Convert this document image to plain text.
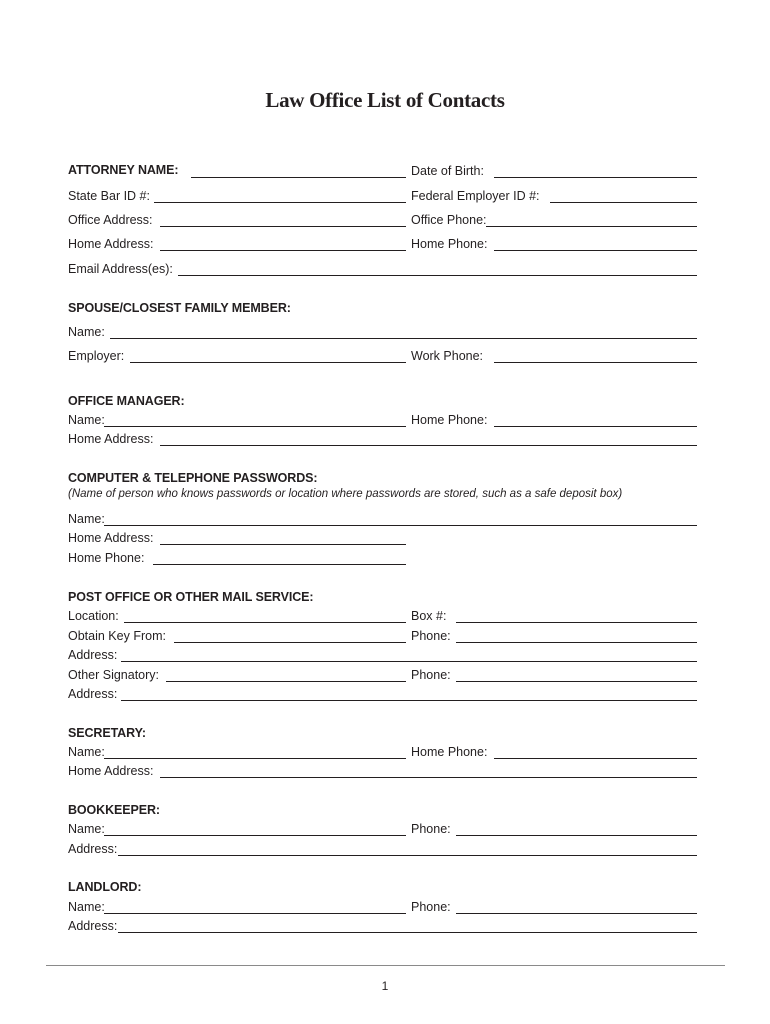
Law Office List of Contacts
ATTORNEY NAME:	Date of Birth:
State Bar ID #:	Federal Employer ID #:
Office Address:	Office Phone:
Home Address:	Home Phone:
Email Address(es):
SPOUSE/CLOSEST FAMILY MEMBER:
Name:
Employer:	Work Phone:
OFFICE MANAGER:
Name:	Home Phone:
Home Address:
COMPUTER & TELEPHONE PASSWORDS:
(Name of person who knows passwords or location where passwords are stored, such as a safe deposit box)
Name:
Home Address:
Home Phone:
POST OFFICE OR OTHER MAIL SERVICE:
Location:	Box #:
Obtain Key From:	Phone:
Address:
Other Signatory:	Phone:
Address:
SECRETARY:
Name:	Home Phone:
Home Address:
BOOKKEEPER:
Name:	Phone:
Address:
LANDLORD:
Name:	Phone:
Address:
1
